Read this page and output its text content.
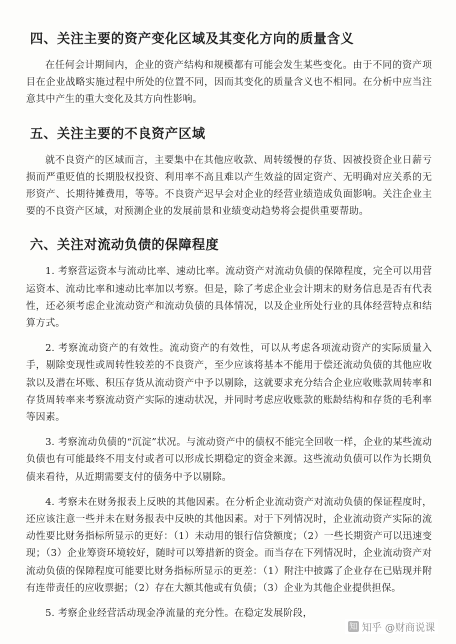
四、关注主要的资产变化区域及其变化方向的质量含义

在任何会计期间内，企业的资产结构和规模都有可能会发生某些变化。由于不同的资产项目在企业战略实施过程中所处的位置不同，因而其变化的质量含义也不相同。在分析中应当注意其中产生的重大变化及其方向性影响。

五、关注主要的不良资产区域

就不良资产的区域而言，主要集中在其他应收款、周转缓慢的存货、因被投资企业日薪亏损而严重贬值的长期股权投资、利用率不高且难以产生效益的固定资产、无明确对应关系的无形资产、长期待摊费用，等等。不良资产迟早会对企业的经营业绩造成负面影响。关注企业主要的不良资产区域，对预测企业的发展前景和业绩变动趋势将会提供重要帮助。

六、关注对流动负债的保障程度

1. 考察营运资本与流动比率、速动比率。流动资产对流动负债的保障程度，完全可以用营运资本、流动比率和速动比率加以考察。但是，除了考虑企业会计期末的财务信息是否有代表性，还必须考虑企业流动资产和流动负债的具体情况，以及企业所处行业的具体经营特点和结算方式。

2. 考察流动资产的有效性。流动资产的有效性，可以从考虑各项流动资产的实际质量入手，剔除变现性或周转性较差的不良资产，至少应该将基本不能用于偿还流动负债的其他应收款以及潜在坏账、积压存货从流动资产中予以剔除，这就要求充分结合企业应收账款周转率和存货周转率来考察流动资产实际的速动状况，并同时考虑应收账款的账龄结构和存货的毛利率等因素。

3. 考察流动负债的“沉淀”状况。与流动资产中的债权不能完全回收一样，企业的某些流动负债也有可能最终不用支付或者可以形成长期稳定的资金来源。这些流动负债可以作为长期负债来看待，从近期需要支付的债务中予以剔除。

4. 考察未在财务报表上反映的其他因素。在分析企业流动资产对流动负债的保证程度时，还应该注意一些并未在财务报表中反映的其他因素。对于下列情况时，企业流动资产实际的流动性要比财务指标所显示的更好：（1）未动用的银行信贷额度；（2）一些长期资产可以迅速变现；（3）企业筹资环境较好，随时可以筹措新的资金。而当存在下列情况时，企业流动资产对流动负债的保障程度可能要比财务指标所显示的更差：（1）附注中披露了企业存在已贴现并附有连带责任的应收票据；（2）存在大额其他或有负债；（3）企业为其他企业提供担保。

5. 考察企业经营活动现金净流量的充分性。在稳定发展阶段，

知 知乎 @财商说课
